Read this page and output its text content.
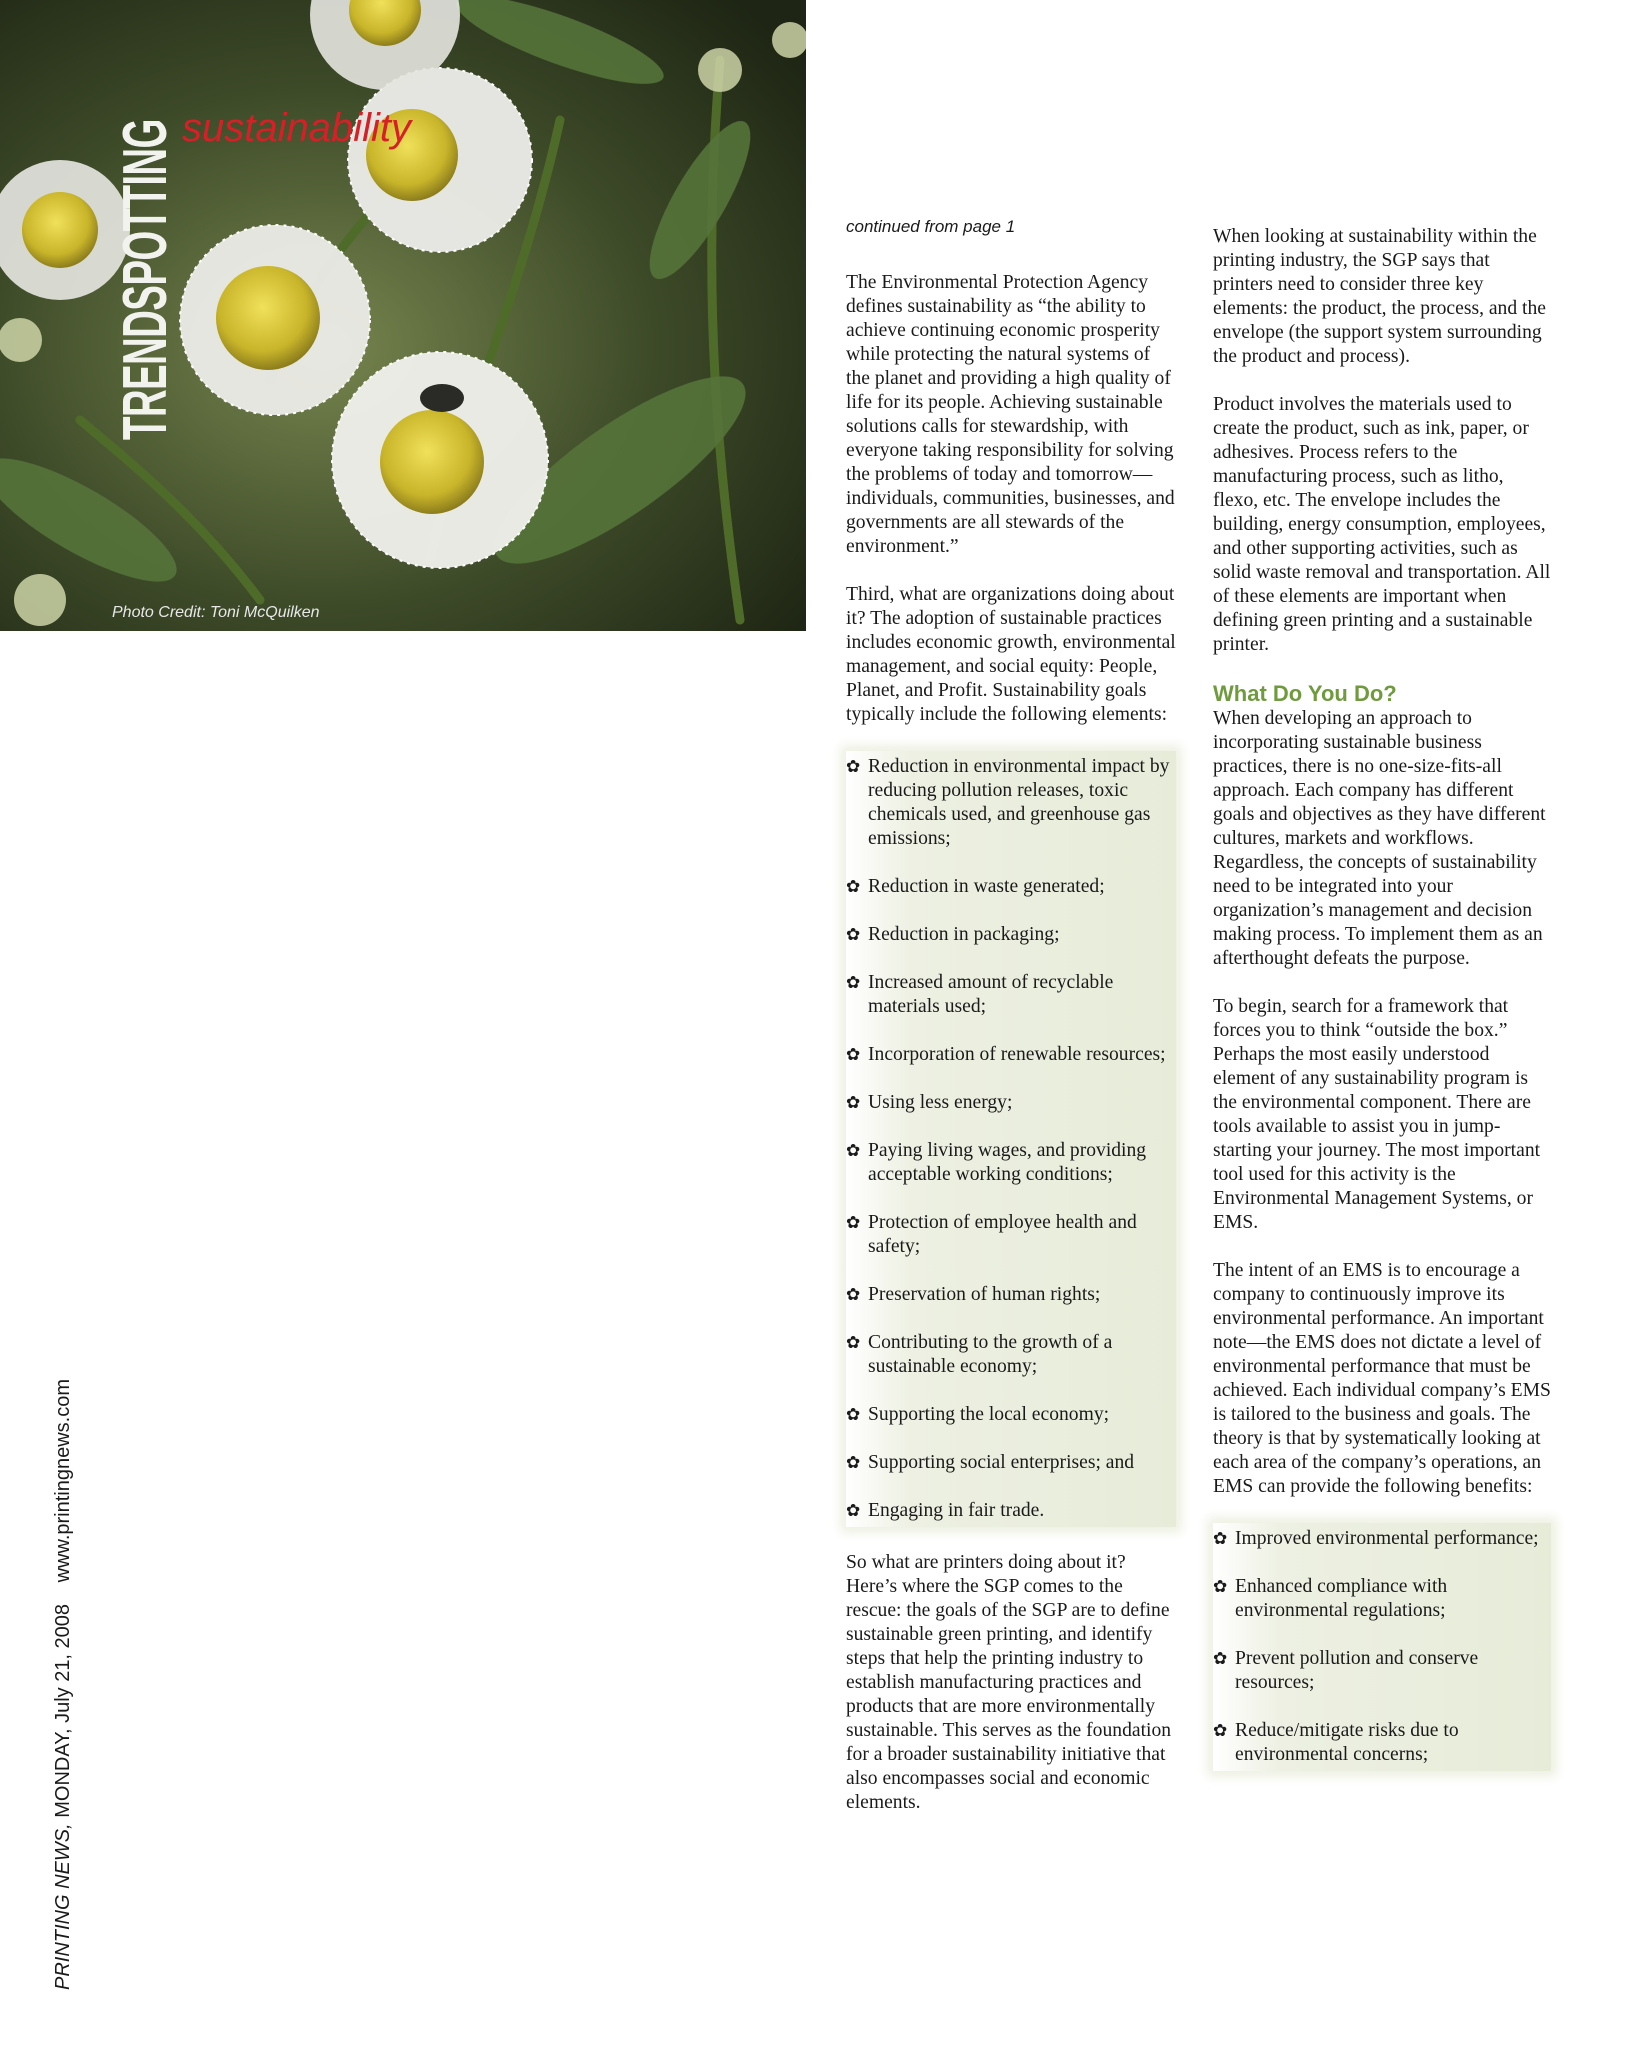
TRENDSPOTTING sustainability
Photo Credit: Toni McQuilken
PRINTING NEWS, MONDAY, July 21, 2008 www.printingnews.com
continued from page 1

The Environmental Protection Agency defines sustainability as “the ability to achieve continuing economic prosperity while protecting the natural systems of the planet and providing a high quality of life for its people. Achieving sustainable solutions calls for stewardship, with everyone taking responsibility for solving the problems of today and tomorrow—individuals, communities, businesses, and governments are all stewards of the environment.”

Third, what are organizations doing about it? The adoption of sustainable practices includes economic growth, environmental management, and social equity: People, Planet, and Profit. Sustainability goals typically include the following elements:

✿ Reduction in environmental impact by reducing pollution releases, toxic chemicals used, and greenhouse gas emissions;
✿ Reduction in waste generated;
✿ Reduction in packaging;
✿ Increased amount of recyclable materials used;
✿ Incorporation of renewable resources;
✿ Using less energy;
✿ Paying living wages, and providing acceptable working conditions;
✿ Protection of employee health and safety;
✿ Preservation of human rights;
✿ Contributing to the growth of a sustainable economy;
✿ Supporting the local economy;
✿ Supporting social enterprises; and
✿ Engaging in fair trade.

So what are printers doing about it? Here’s where the SGP comes to the rescue: the goals of the SGP are to define sustainable green printing, and identify steps that help the printing industry to establish manufacturing practices and products that are more environmentally sustainable. This serves as the foundation for a broader sustainability initiative that also encompasses social and economic elements.

When looking at sustainability within the printing industry, the SGP says that printers need to consider three key elements: the product, the process, and the envelope (the support system surrounding the product and process).

Product involves the materials used to create the product, such as ink, paper, or adhesives. Process refers to the manufacturing process, such as litho, flexo, etc. The envelope includes the building, energy consumption, employees, and other supporting activities, such as solid waste removal and transportation. All of these elements are important when defining green printing and a sustainable printer.

What Do You Do?

When developing an approach to incorporating sustainable business practices, there is no one-size-fits-all approach. Each company has different goals and objectives as they have different cultures, markets and workflows. Regardless, the concepts of sustainability need to be integrated into your organization’s management and decision making process. To implement them as an afterthought defeats the purpose.

To begin, search for a framework that forces you to think “outside the box.” Perhaps the most easily understood element of any sustainability program is the environmental component. There are tools available to assist you in jump-starting your journey. The most important tool used for this activity is the Environmental Management Systems, or EMS.

The intent of an EMS is to encourage a company to continuously improve its environmental performance. An important note—the EMS does not dictate a level of environmental performance that must be achieved. Each individual company’s EMS is tailored to the business and goals. The theory is that by systematically looking at each area of the company’s operations, an EMS can provide the following benefits:

✿ Improved environmental performance;
✿ Enhanced compliance with environmental regulations;
✿ Prevent pollution and conserve resources;
✿ Reduce/mitigate risks due to environmental concerns;
